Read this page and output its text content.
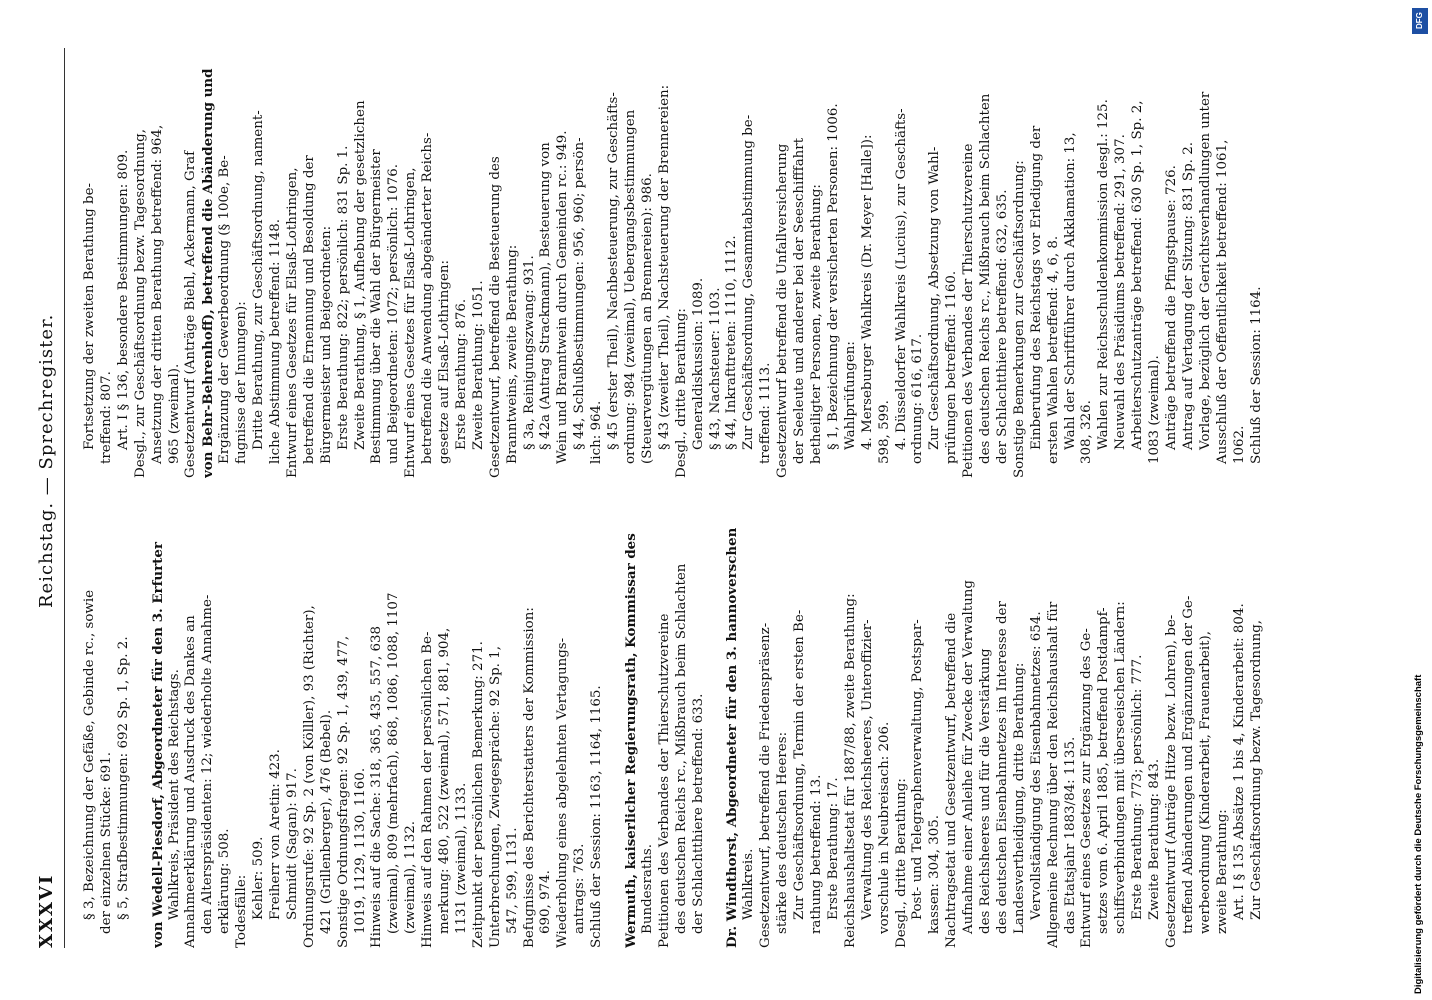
XXXVI
Reichstag. — Sprechregister.
§ 3, Bezeichnung der Gefäße, Gebinde rc., sowie der einzelnen Stücke: 691. § 5, Strafbestimmungen: 692 Sp. 1, Sp. 2.
von Wedell-Piesdorf, Abgeordneter für den 3. Erfurter Wahlkreis, Präsident des Reichstags. Annahmeerklärung und Ausdruck des Dankes an den Alterspräsidenten: 12; wiederholte Annahme- erklärung: 508. Todesfälle: Kehler: 509. Freiherr von Aretin: 423. Schmidt (Sagan): 917. Ordnungsrufe: 92 Sp. 2 (von Kölller), 93 (Richter), 421 (Grillenberger), 476 (Bebel). Sonstige Ordnungsfragen: 92 Sp. 1, 439, 477, 1019, 1129, 1130, 1160. Hinweis auf die Sache: 318, 365, 435, 557, 638 (zweimal), 809 (mehrfach), 868, 1086, 1088, 1107 (zweimal), 1132. Hinweis auf den Rahmen der persönlichen Be- merkung: 480, 522 (zweimal), 571, 881, 904, 1131 (zweimal), 1133. Zeitpunkt der persönlichen Bemerkung: 271. Unterbrechungen, Zwiegespräche: 92 Sp. 1, 547, 599, 1131. Befugnisse des Berichterstatters der Kommission: 690, 974. Wiederholung eines abgelehnten Vertagungs- antrags: 763. Schluß der Session: 1163, 1164, 1165.
Wermuth, kaiserlicher Regierungsrath, Kommissar des Bundesraths. Petitionen des Verbandes der Thierschutzvereine des deutschen Reichs rc., Mißbrauch beim Schlachten der Schlachtthiere betreffend: 633.
Dr. Windthorst, Abgeordneter für den 3. hannoverschen Wahlkreis. Gesetzentwurf, betreffend die Friedenspräsenz- stärke des deutschen Heeres: Zur Geschäftsordnung, Termin der ersten Be- rathung betreffend: 13. Erste Berathung: 17. Reichshaushaltsetat für 1887/88, zweite Berathung: Verwaltung des Reichsheeres, Unteroffizier- vorschule in Neubreisach: 206. Desgl., dritte Berathung: Post- und Telegraphenverwaltung, Postspar- kassen: 304, 305. Nachtragsetat und Gesetzentwurf, betreffend die Aufnahme einer Anleihe für Zwecke der Verwaltung des Reichsheeres und für die Verstärkung des deutschen Eisenbahnnetzes im Interesse der Landesvertheidigung, dritte Berathung: Vervollständigung des Eisenbahnnetzes: 654. Allgemeine Rechnung über den Reichshaushalt für das Etatsjahr 1883/84: 1135. Entwurf eines Gesetzes zur Ergänzung des Ge- setzes vom 6. April 1885, betreffend Postdampf- schiffsverbindungen mit überseeischen Ländern: Erste Berathung: 773; persönlich: 777. Zweite Berathung: 843. Gesetzentwurf (Anträge Hitze bezw. Lohren), be- treffend Abänderungen und Ergänzungen der Ge- werbeordnung (Kinderarbeit, Frauenarbeit), zweite Berathung: Art. I § 135 Absätze 1 bis 4, Kinderarbeit: 804. Zur Geschäftsordnung bezw. Tagesordnung,
Fortsetzung der zweiten Berathung be- treffend: 807. Art. I § 136, besondere Bestimmungen: 809. Desgl., zur Geschäftsordnung bezw. Tagesordnung, Ansetzung der dritten Berathung betreffend: 964, 965 (zweimal). Gesetzentwurf (Anträge Biehl, Ackermann, Graf von Behr-Behrenhoff), betreffend die Abänderung und Ergänzung der Gewerbeordnung (§ 100e, Be- fugnisse der Innungen): Dritte Berathung, zur Geschäftsordnung, nament- liche Abstimmung betreffend: 1148. Entwurf eines Gesetzes für Elsaß-Lothringen, betreffend die Ernennung und Besoldung der Bürgermeister und Beigeordneten: Erste Berathung: 822; persönlich: 831 Sp. 1. Zweite Berathung, § 1, Aufhebung der gesetzlichen Bestimmung über die Wahl der Bürgermeister und Beigeordneten: 1072; persönlich: 1076. Entwurf eines Gesetzes für Elsaß-Lothringen, betreffend die Anwendung abgeänderter Reichs- gesetze auf Elsaß-Lothringen: Erste Berathung: 876. Zweite Berathung: 1051. Gesetzentwurf, betreffend die Besteuerung des Branntweins, zweite Berathung: § 3a, Reinigungszwang: 931. § 42a (Antrag Strackmann), Besteuerung von Wein und Branntwein durch Gemeinden rc.: 949. § 44, Schlußbestimmungen: 956, 960; persön- lich: 964. § 45 (erster Theil), Nachbesteuerung, zur Geschäfts- ordnung: 984 (zweimal), Uebergangsbestimmungen (Steuervergütungen an Brennereien): 986. § 43 (zweiter Theil), Nachsteuerung der Brennereien: Desgl., dritte Berathung: Generaldiskussion: 1089. § 43, Nachsteuer: 1103. § 44, Inkrafttreten: 1110, 1112. Zur Geschäftsordnung, Gesammtabstimmung be- treffend: 1113. Gesetzentwurf betreffend die Unfallversicherung der Seeleute und anderer bei der Seeschifffahrt betheiligter Personen, zweite Berathung: § 1, Bezeichnung der versicherten Personen: 1006. Wahlprüfungen: 4. Merseburger Wahlkreis (Dr. Meyer [Halle]): 598, 599. 4. Düsseldorfer Wahlkreis (Lucius), zur Geschäfts- ordnung: 616, 617. Zur Geschäftsordnung, Absetzung von Wahl- prüfungen betreffend: 1160. Petitionen des Verbandes der Thierschutzvereine des deutschen Reichs rc., Mißbrauch beim Schlachten der Schlachtthiere betreffend: 632, 635. Sonstige Bemerkungen zur Geschäftsordnung: Einberufung des Reichstags vor Erledigung der ersten Wahlen betreffend: 4, 6, 8. Wahl der Schriftführer durch Akklamation: 13, 308, 326. Wahlen zur Reichsschuldenkommission desgl.: 125. Neuwahl des Präsidiums betreffend: 291, 307. Arbeiterschutzanträge betreffend: 630 Sp. 1, Sp. 2, 1083 (zweimal). Anträge betreffend die Pfingstpause: 726. Antrag auf Vertagung der Sitzung: 831 Sp. 2. Vorlage, bezüglich der Gerichtsverhandlungen unter Ausschluß der Oeffentlichkeit betreffend: 1061, 1062. Schluß der Session: 1164.
Digitalisierung gefördert durch die Deutsche Forschungsgemeinschaft
DFG
